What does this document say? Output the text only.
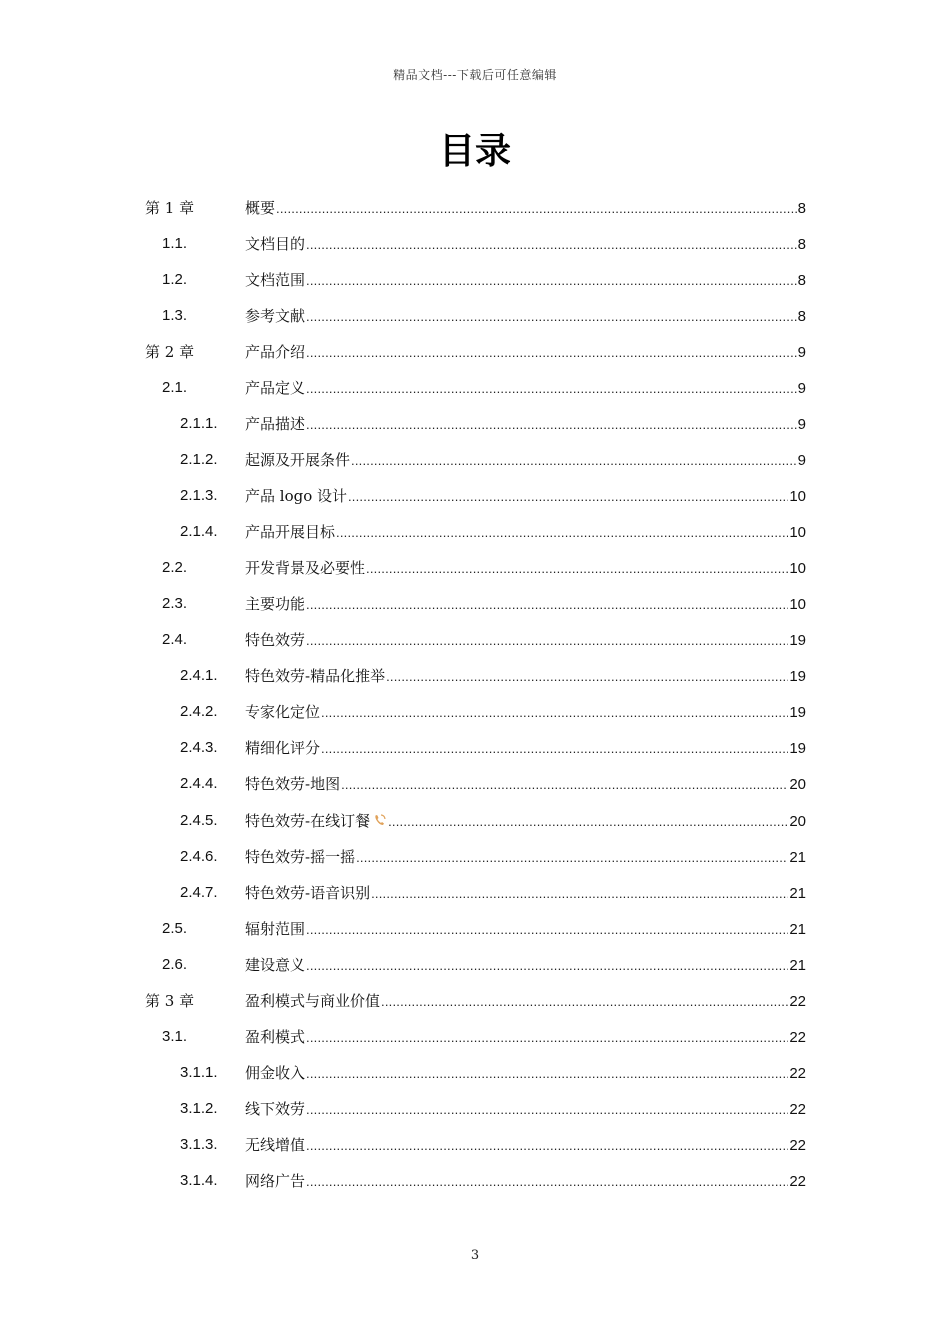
精品文档---下载后可任意编辑
目录
第 1 章	概要 .....	8
1.1.	文档目的 .....	8
1.2.	文档范围 .....	8
1.3.	参考文献 .....	8
第 2 章	产品介绍 .....	9
2.1.	产品定义 .....	9
2.1.1. 产品描述 .....	9
2.1.2. 起源及开展条件 .....	9
2.1.3. 产品 logo 设计 .....	10
2.1.4. 产品开展目标 .....	10
2.2.	开发背景及必要性 .....	10
2.3.	主要功能 .....	10
2.4.	特色效劳 .....	19
2.4.1. 特色效劳-精品化推举 .....	19
2.4.2. 专家化定位 .....	19
2.4.3. 精细化评分 .....	19
2.4.4. 特色效劳-地图 .....	20
2.4.5. 特色效劳-在线订餐 .....	20
2.4.6. 特色效劳-摇一摇 .....	21
2.4.7. 特色效劳-语音识别 .....	21
2.5.	辐射范围 .....	21
2.6.	建设意义 .....	21
第 3 章	盈利模式与商业价值 .....	22
3.1.	盈利模式 .....	22
3.1.1. 佣金收入 .....	22
3.1.2. 线下效劳 .....	22
3.1.3. 无线增值 .....	22
3.1.4. 网络广告 .....	22
3
